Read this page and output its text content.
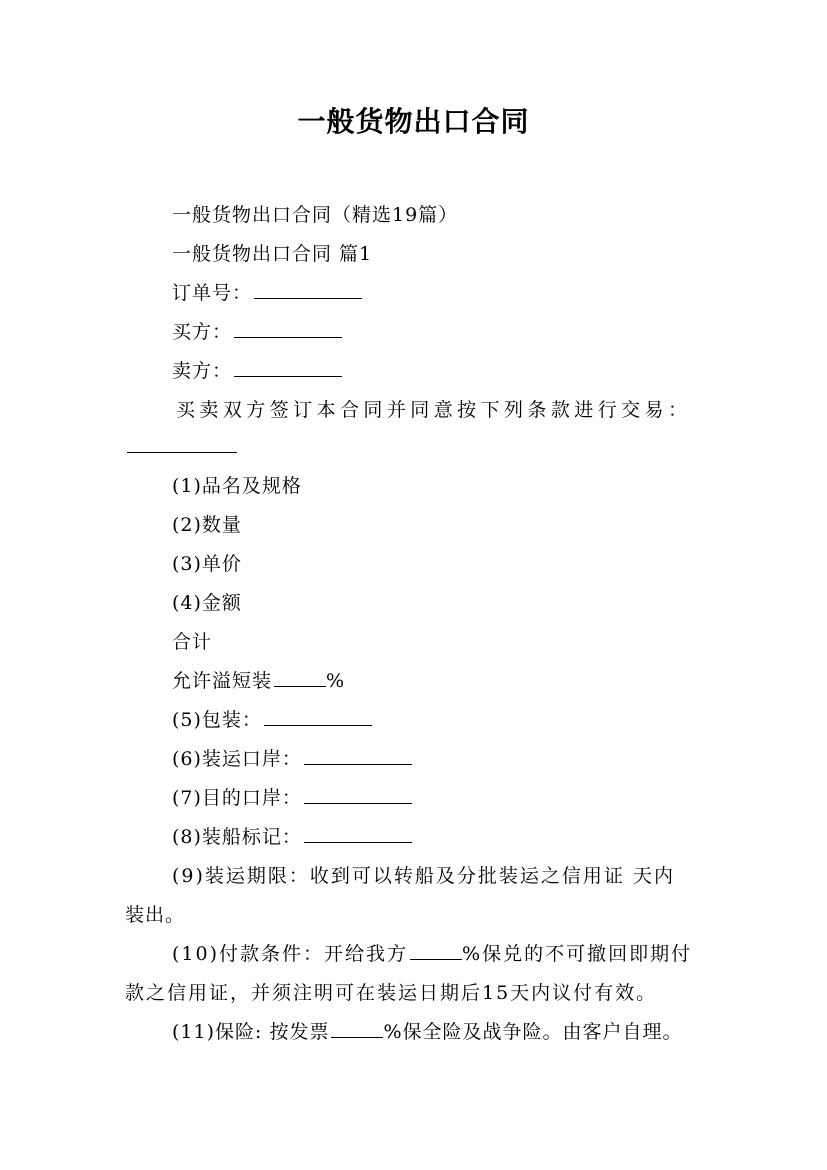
一般货物出口合同
一般货物出口合同（精选19篇）
一般货物出口合同 篇1
订单号：
买方：
卖方：
买卖双方签订本合同并同意按下列条款进行交易：
(1)品名及规格
(2)数量
(3)单价
(4)金额
合计
允许溢短装	%
(5)包装：
(6)装运口岸：
(7)目的口岸：
(8)装船标记：
(9)装运期限：收到可以转船及分批装运之信用证 天内
装出。
(10)付款条件：开给我方	%保兑的不可撤回即期付
款之信用证，并须注明可在装运日期后15天内议付有效。
(11)保险: 按发票	%保全险及战争险。由客户自理。
